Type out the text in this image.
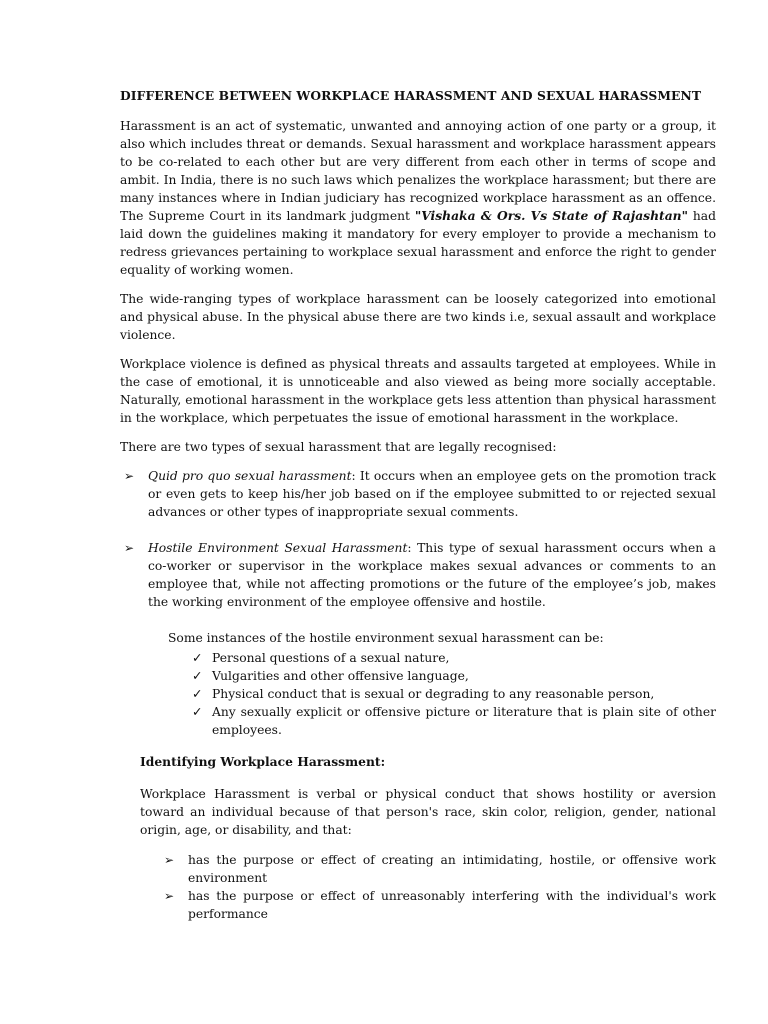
DIFFERENCE BETWEEN WORKPLACE HARASSMENT AND SEXUAL HARASSMENT

Harassment is an act of systematic, unwanted and annoying action of one party or a group, it also which includes threat or demands. Sexual harassment and workplace harassment appears to be co-related to each other but are very different from each other in terms of scope and ambit. In India, there is no such laws which penalizes the workplace harassment; but there are many instances where in Indian judiciary has recognized workplace harassment as an offence. The Supreme Court in its landmark judgment "Vishaka & Ors. Vs State of Rajashtan" had laid down the guidelines making it mandatory for every employer to provide a mechanism to redress grievances pertaining to workplace sexual harassment and enforce the right to gender equality of working women.

The wide-ranging types of workplace harassment can be loosely categorized into emotional and physical abuse. In the physical abuse there are two kinds i.e, sexual assault and workplace violence.

Workplace violence is defined as physical threats and assaults targeted at employees. While in the case of emotional, it is unnoticeable and also viewed as being more socially acceptable. Naturally, emotional harassment in the workplace gets less attention than physical harassment in the workplace, which perpetuates the issue of emotional harassment in the workplace.

There are two types of sexual harassment that are legally recognised:

➢ Quid pro quo sexual harassment: It occurs when an employee gets on the promotion track or even gets to keep his/her job based on if the employee submitted to or rejected sexual advances or other types of inappropriate sexual comments.
➢ Hostile Environment Sexual Harassment: This type of sexual harassment occurs when a co-worker or supervisor in the workplace makes sexual advances or comments to an employee that, while not affecting promotions or the future of the employee’s job, makes the working environment of the employee offensive and hostile.
Some instances of the hostile environment sexual harassment can be:
✓ Personal questions of a sexual nature,
✓ Vulgarities and other offensive language,
✓ Physical conduct that is sexual or degrading to any reasonable person,
✓ Any sexually explicit or offensive picture or literature that is plain site of other employees.
Identifying Workplace Harassment:

Workplace Harassment is verbal or physical conduct that shows hostility or aversion toward an individual because of that person's race, skin color, religion, gender, national origin, age, or disability, and that:

➢ has the purpose or effect of creating an intimidating, hostile, or offensive work environment
➢ has the purpose or effect of unreasonably interfering with the individual's work performance
